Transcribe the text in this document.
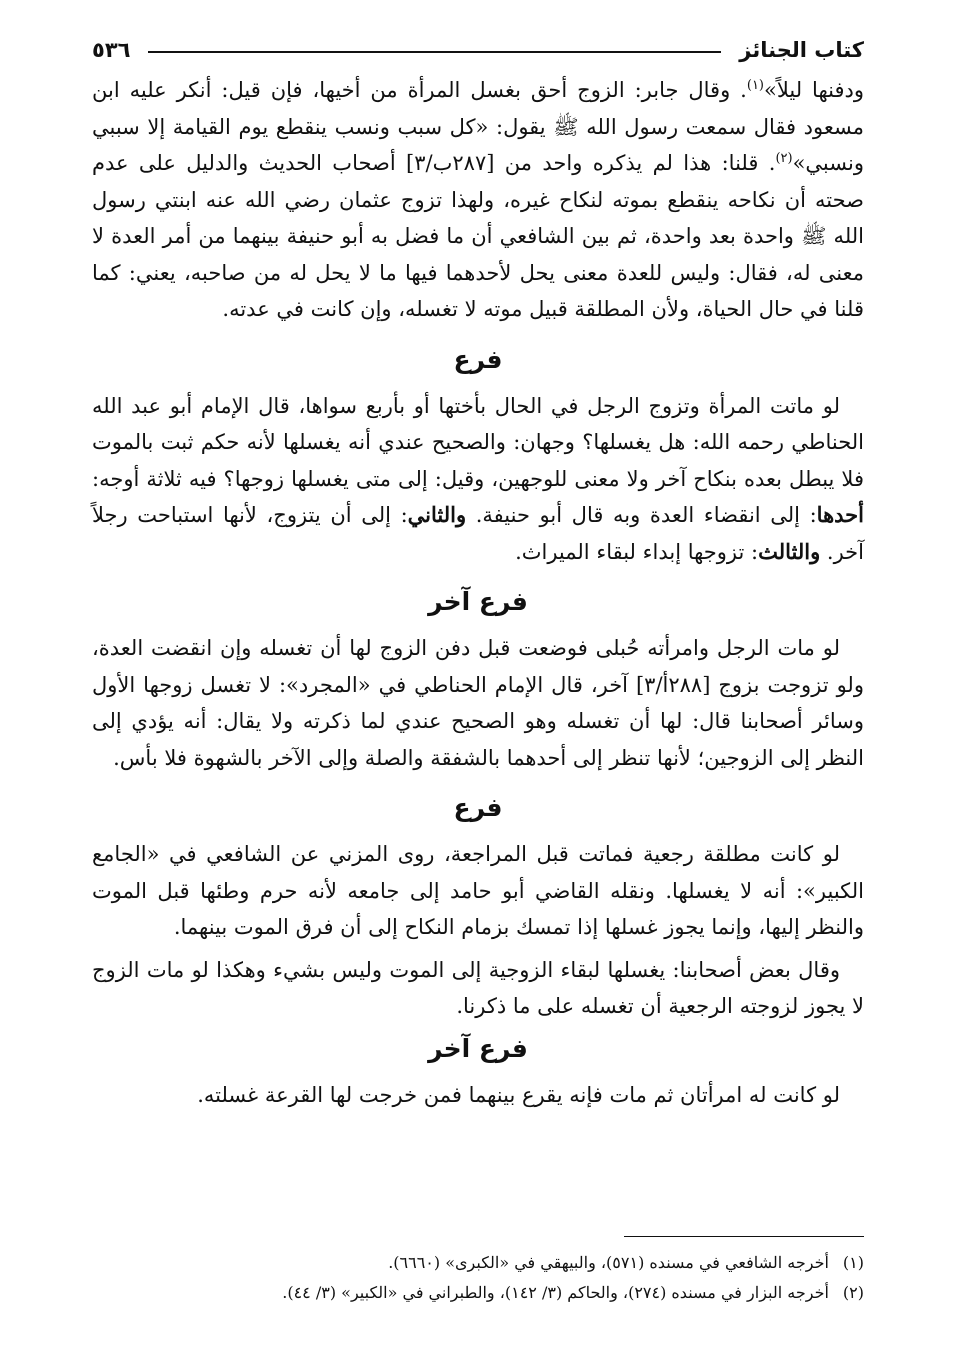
كتاب الجنائز
٥٣٦

ودفنها ليلاً»$^{(١)}$. وقال جابر: الزوج أحق بغسل المرأة من أخيها، فإن قيل: أنكر عليه ابن مسعود فقال سمعت رسول الله ﷺ يقول: «كل سبب ونسب ينقطع يوم القيامة إلا سببي ونسبي»$^{(٢)}$. قلنا: هذا لم يذكره واحد من [٢٨٧ب/٣] أصحاب الحديث والدليل على عدم صحته أن نكاحه ينقطع بموته لنكاح غيره، ولهذا تزوج عثمان رضي الله عنه ابنتي رسول الله ﷺ واحدة بعد واحدة، ثم بين الشافعي أن ما فضل به أبو حنيفة بينهما من أمر العدة لا معنى له، فقال: وليس للعدة معنى يحل لأحدهما فيها ما لا يحل له من صاحبه، يعني: كما قلنا في حال الحياة، ولأن المطلقة قبيل موته لا تغسله، وإن كانت في عدته.

فرع

لو ماتت المرأة وتزوج الرجل في الحال بأختها أو بأربع سواها، قال الإمام أبو عبد الله الحناطي رحمه الله: هل يغسلها؟ وجهان: والصحيح عندي أنه يغسلها لأنه حكم ثبت بالموت فلا يبطل بعده بنكاح آخر ولا معنى للوجهين، وقيل: إلى متى يغسلها زوجها؟ فيه ثلاثة أوجه: أحدها: إلى انقضاء العدة وبه قال أبو حنيفة. والثاني: إلى أن يتزوج، لأنها استباحت رجلاً آخر. والثالث: تزوجها إبداء لبقاء الميراث.

فرع آخر

لو مات الرجل وامرأته حُبلى فوضعت قبل دفن الزوج لها أن تغسله وإن انقضت العدة، ولو تزوجت بزوج [٢٨٨أ/٣] آخر، قال الإمام الحناطي في «المجرد»: لا تغسل زوجها الأول وسائر أصحابنا قال: لها أن تغسله وهو الصحيح عندي لما ذكرته ولا يقال: أنه يؤدي إلى النظر إلى الزوجين؛ لأنها تنظر إلى أحدهما بالشفقة والصلة وإلى الآخر بالشهوة فلا بأس.

فرع

لو كانت مطلقة رجعية فماتت قبل المراجعة، روى المزني عن الشافعي في «الجامع الكبير»: أنه لا يغسلها. ونقله القاضي أبو حامد إلى جامعه لأنه حرم وطئها قبل الموت والنظر إليها، وإنما يجوز غسلها إذا تمسك بزمام النكاح إلى أن فرق الموت بينهما.

وقال بعض أصحابنا: يغسلها لبقاء الزوجية إلى الموت وليس بشيء وهكذا لو مات الزوج لا يجوز لزوجته الرجعية أن تغسله على ما ذكرنا.

فرع آخر

لو كانت له امرأتان ثم مات فإنه يقرع بينهما فمن خرجت لها القرعة غسلته.

(١)
أخرجه الشافعي في مسنده (٥٧١)، والبيهقي في «الكبرى» (٦٦٦٠).
(٢)
أخرجه البزار في مسنده (٢٧٤)، والحاكم (٣/ ١٤٢)، والطبراني في «الكبير» (٣/ ٤٤).
